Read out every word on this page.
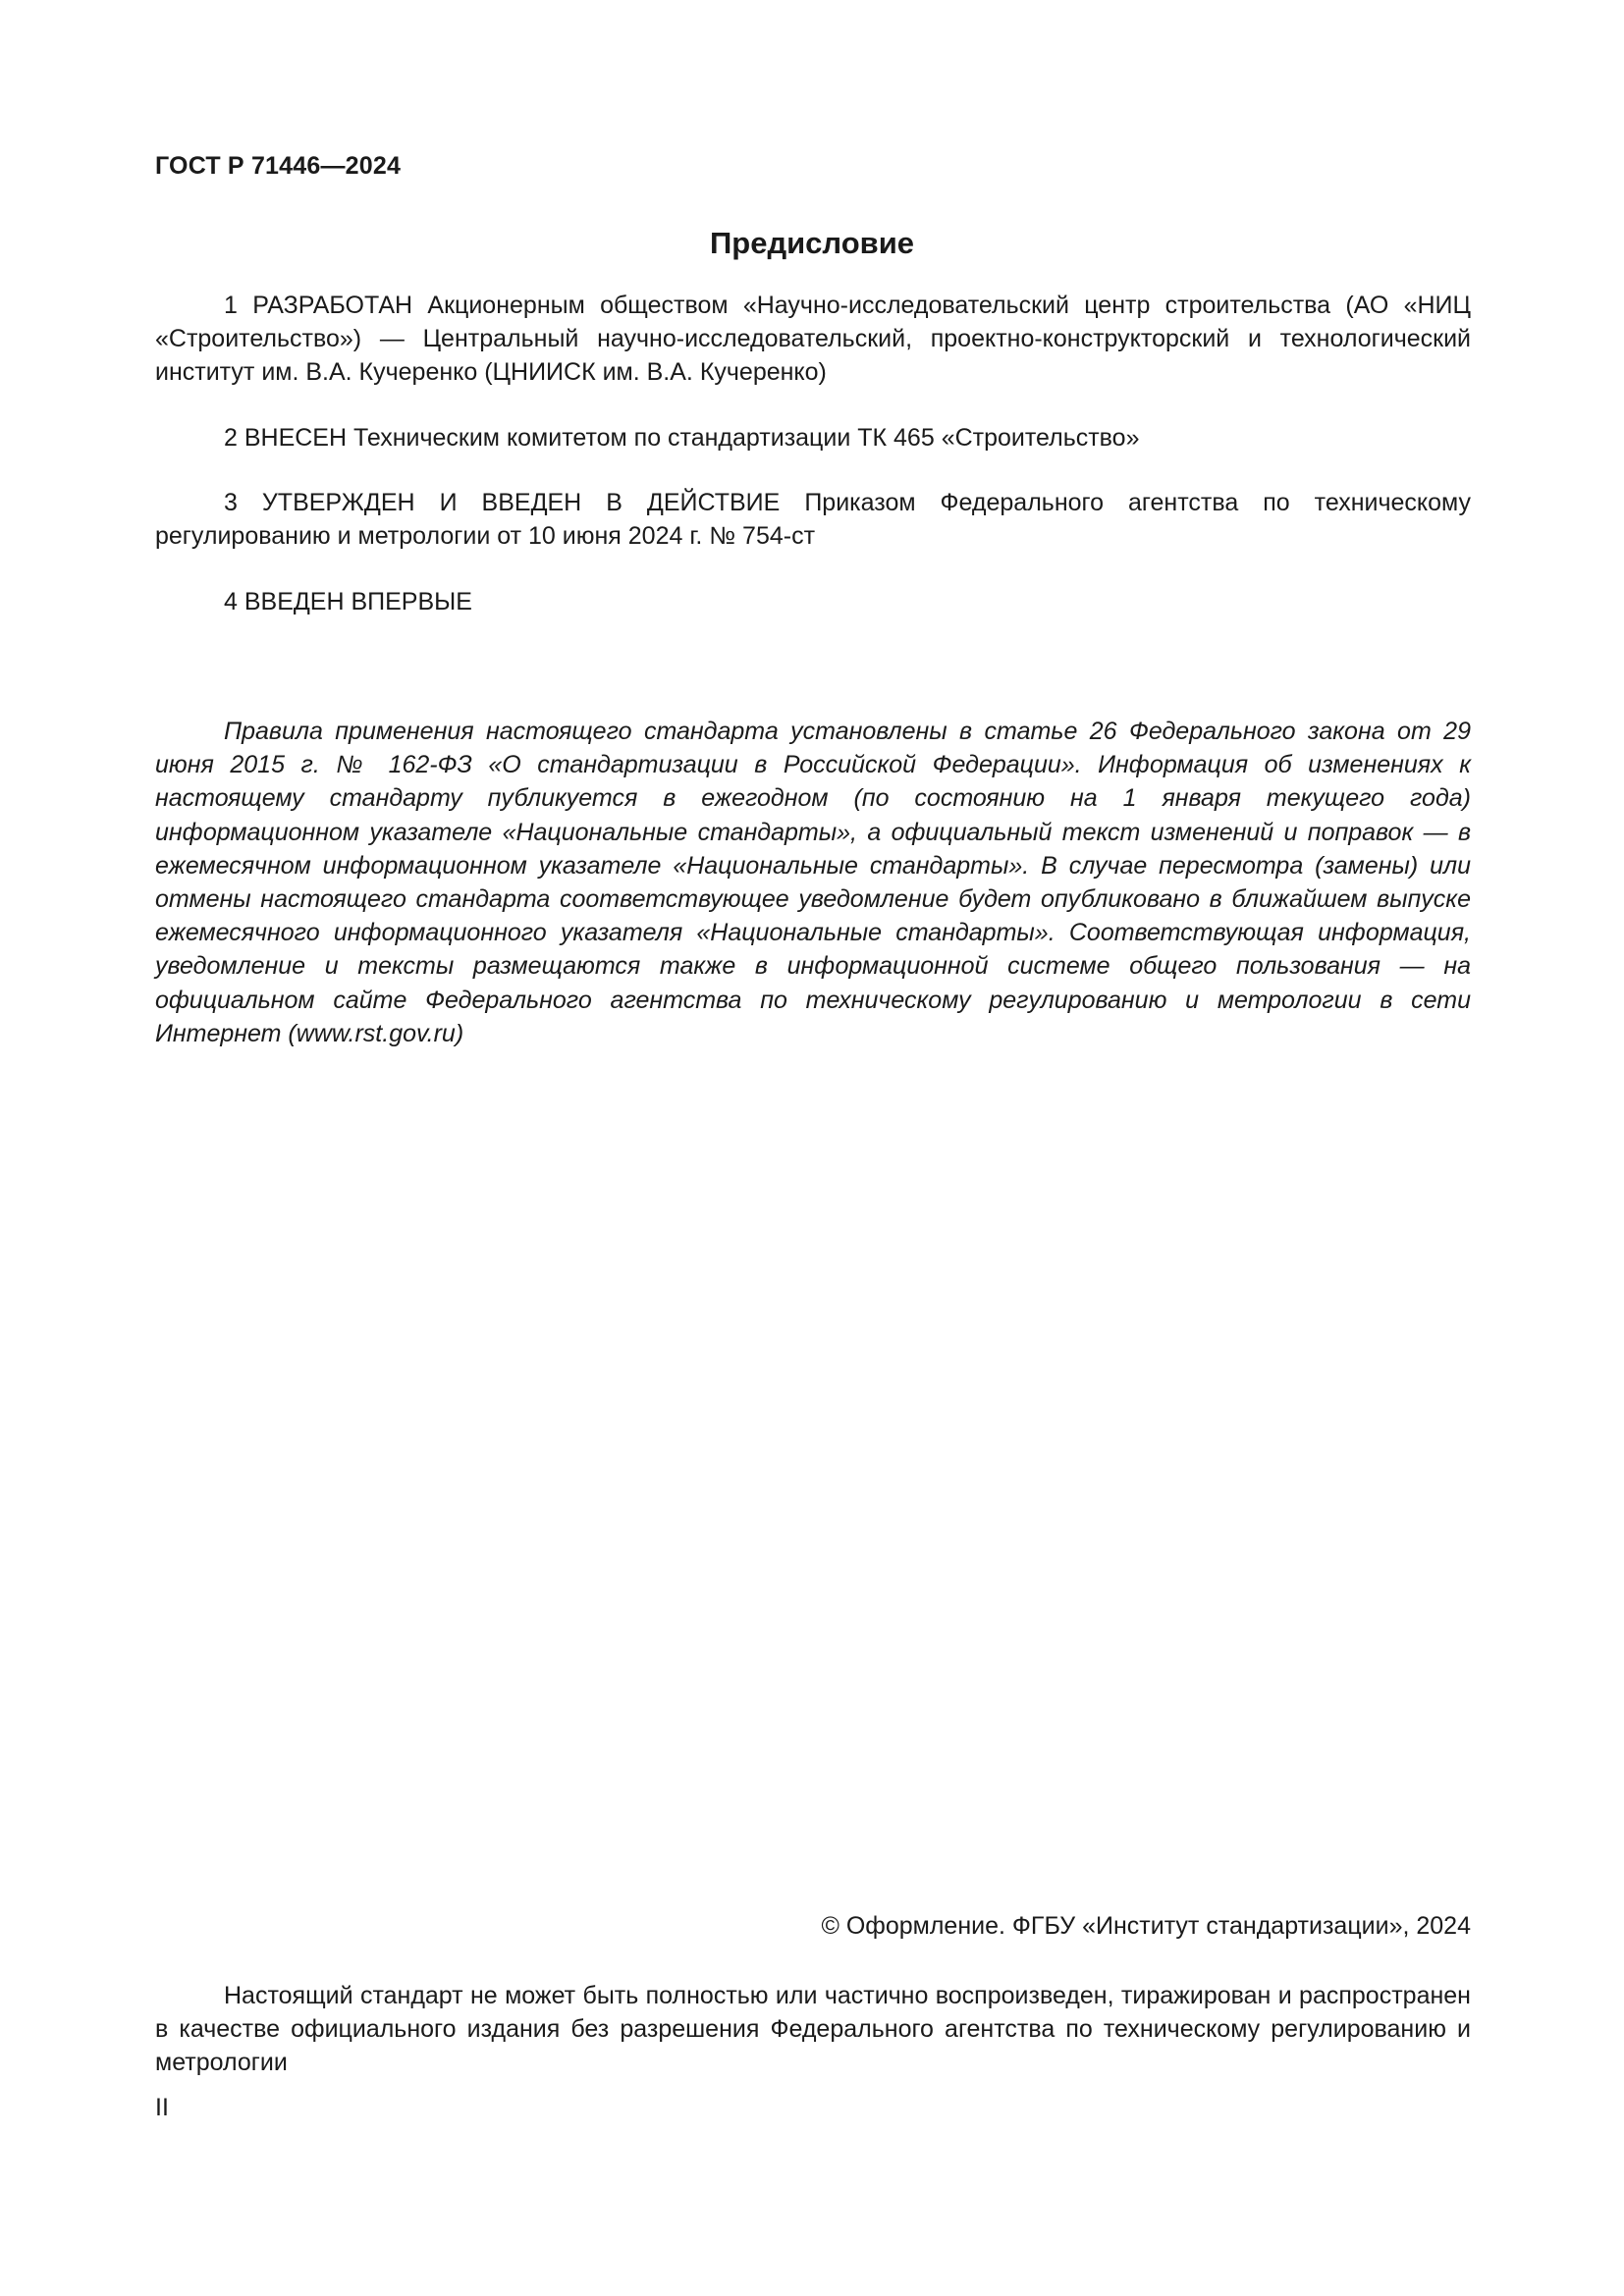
ГОСТ Р 71446—2024
Предисловие
1 РАЗРАБОТАН Акционерным обществом «Научно-исследовательский центр строительства (АО «НИЦ «Строительство») — Центральный научно-исследовательский, проектно-конструкторский и технологический институт им. В.А. Кучеренко (ЦНИИСК им. В.А. Кучеренко)
2 ВНЕСЕН Техническим комитетом по стандартизации ТК 465 «Строительство»
3 УТВЕРЖДЕН И ВВЕДЕН В ДЕЙСТВИЕ Приказом Федерального агентства по техническому регулированию и метрологии от 10 июня 2024 г. № 754-ст
4 ВВЕДЕН ВПЕРВЫЕ
Правила применения настоящего стандарта установлены в статье 26 Федерального закона от 29 июня 2015 г. № 162-ФЗ «О стандартизации в Российской Федерации». Информация об изменениях к настоящему стандарту публикуется в ежегодном (по состоянию на 1 января текущего года) информационном указателе «Национальные стандарты», а официальный текст изменений и поправок — в ежемесячном информационном указателе «Национальные стандарты». В случае пересмотра (замены) или отмены настоящего стандарта соответствующее уведомление будет опубликовано в ближайшем выпуске ежемесячного информационного указателя «Национальные стандарты». Соответствующая информация, уведомление и тексты размещаются также в информационной системе общего пользования — на официальном сайте Федерального агентства по техническому регулированию и метрологии в сети Интернет (www.rst.gov.ru)
© Оформление. ФГБУ «Институт стандартизации», 2024
Настоящий стандарт не может быть полностью или частично воспроизведен, тиражирован и распространен в качестве официального издания без разрешения Федерального агентства по техническому регулированию и метрологии
II
